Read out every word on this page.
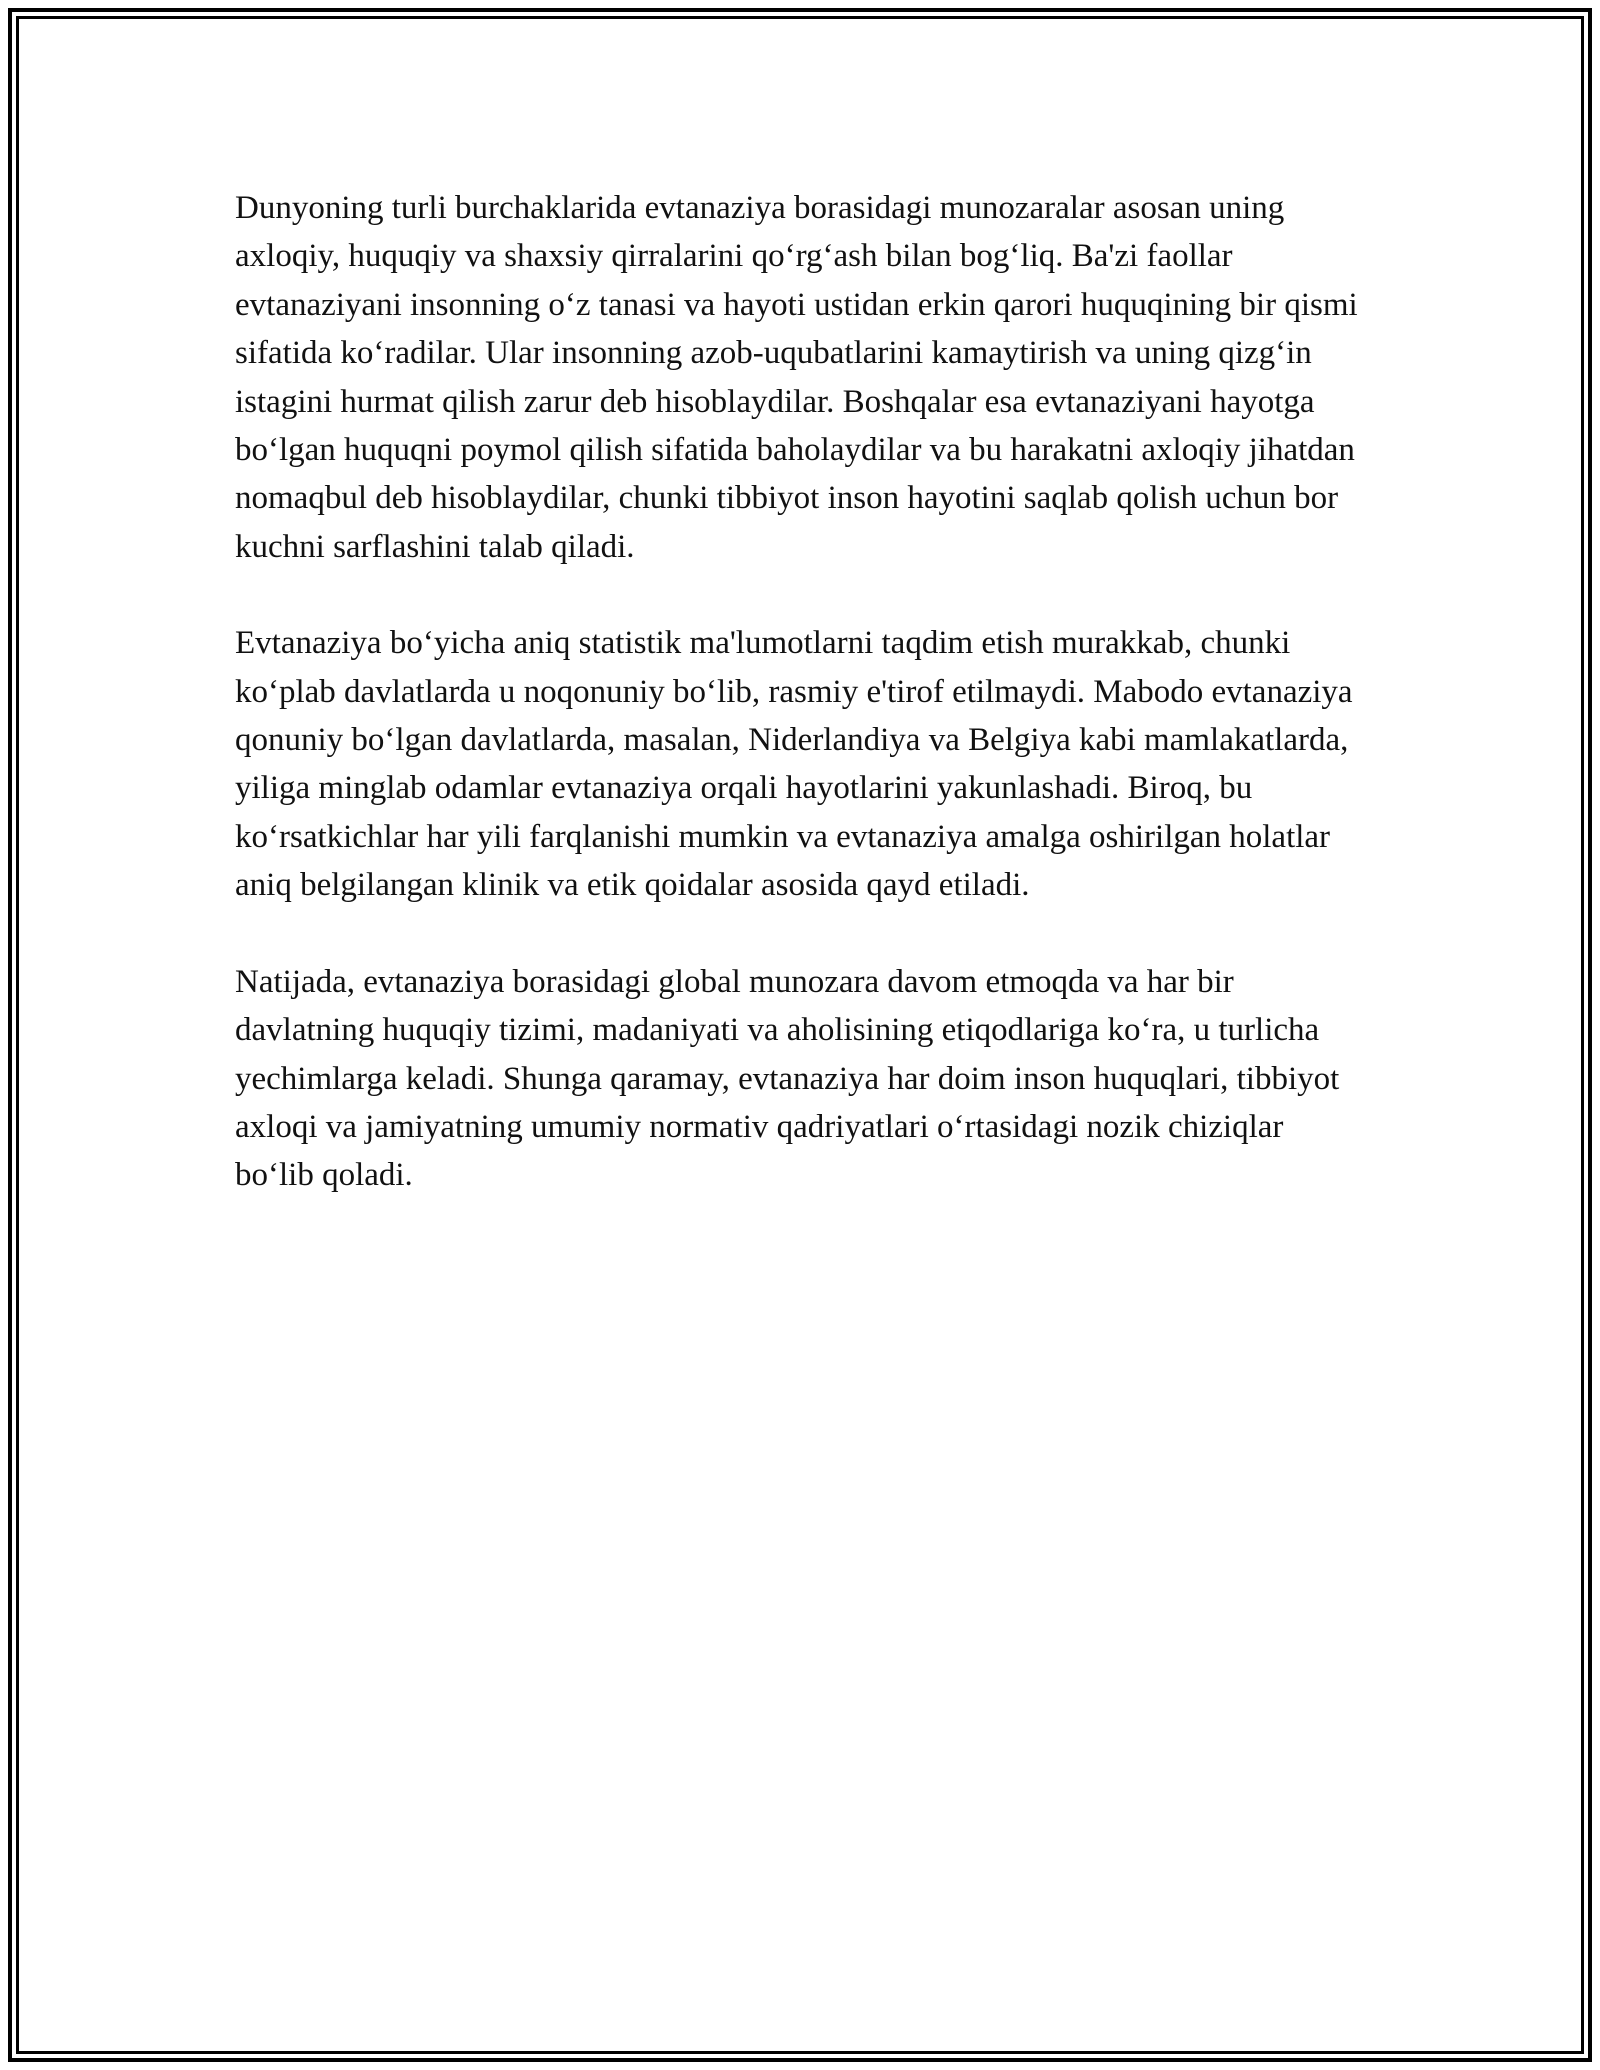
Dunyoning turli burchaklarida evtanaziya borasidagi munozaralar asosan uning axloqiy, huquqiy va shaxsiy qirralarini qoʻrgʻash bilan bogʻliq. Ba'zi faollar evtanaziyani insonning oʻz tanasi va hayoti ustidan erkin qarori huquqining bir qismi sifatida koʻradilar. Ular insonning azob-uqubatlarini kamaytirish va uning qizgʻin istagini hurmat qilish zarur deb hisoblaydilar. Boshqalar esa evtanaziyani hayotga boʻlgan huquqni poymol qilish sifatida baholaydilar va bu harakatni axloqiy jihatdan nomaqbul deb hisoblaydilar, chunki tibbiyot inson hayotini saqlab qolish uchun bor kuchni sarflashini talab qiladi.

Evtanaziya boʻyicha aniq statistik ma'lumotlarni taqdim etish murakkab, chunki koʻplab davlatlarda u noqonuniy boʻlib, rasmiy e'tirof etilmaydi. Mabodo evtanaziya qonuniy boʻlgan davlatlarda, masalan, Niderlandiya va Belgiya kabi mamlakatlarda, yiliga minglab odamlar evtanaziya orqali hayotlarini yakunlashadi. Biroq, bu koʻrsatkichlar har yili farqlanishi mumkin va evtanaziya amalga oshirilgan holatlar aniq belgilangan klinik va etik qoidalar asosida qayd etiladi.

Natijada, evtanaziya borasidagi global munozara davom etmoqda va har bir davlatning huquqiy tizimi, madaniyati va aholisining etiqodlariga koʻra, u turlicha yechimlarga keladi. Shunga qaramay, evtanaziya har doim inson huquqlari, tibbiyot axloqi va jamiyatning umumiy normativ qadriyatlari oʻrtasidagi nozik chiziqlar boʻlib qoladi.
